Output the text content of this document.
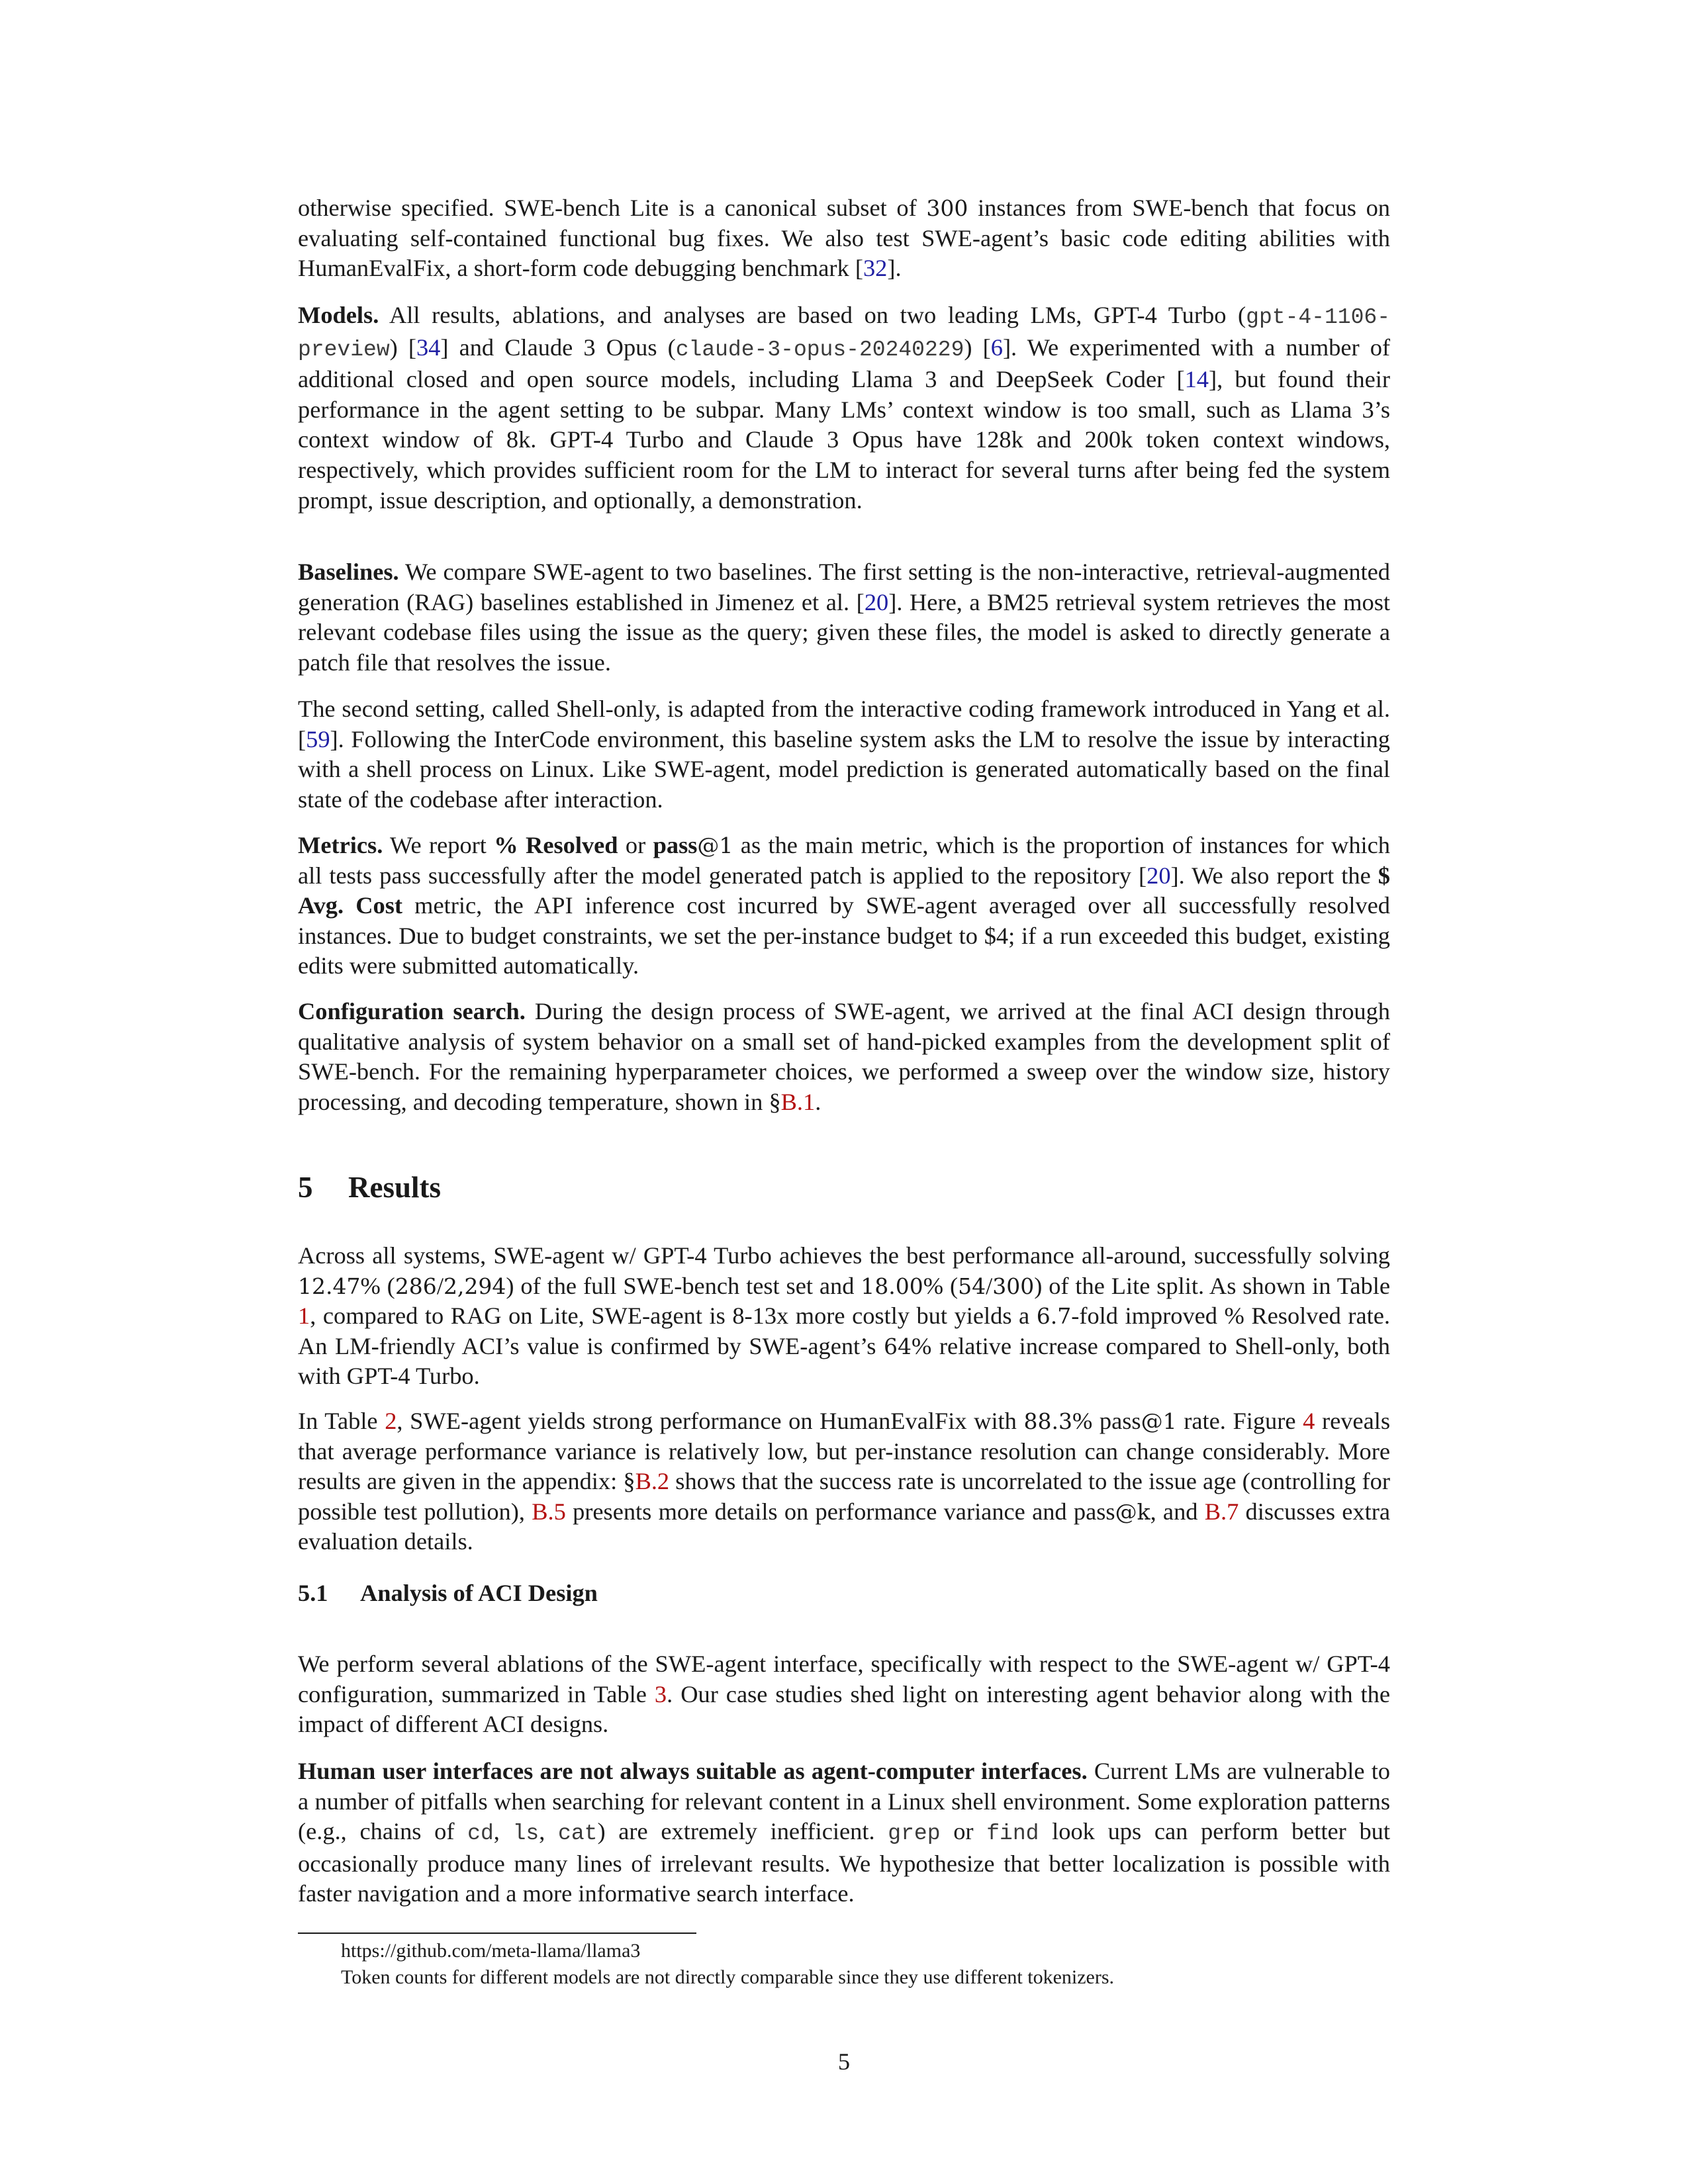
otherwise specified. SWE-bench Lite is a canonical subset of 300 instances from SWE-bench that focus on evaluating self-contained functional bug fixes. We also test SWE-agent’s basic code editing abilities with HumanEvalFix, a short-form code debugging benchmark [32].

Models. All results, ablations, and analyses are based on two leading LMs, GPT-4 Turbo (gpt-4-1106-preview) [34] and Claude 3 Opus (claude-3-opus-20240229) [6]. We experimented with a number of additional closed and open source models, including Llama 3 and DeepSeek Coder [14], but found their performance in the agent setting to be subpar. Many LMs’ context window is too small, such as Llama 3’s context window of 8k. GPT-4 Turbo and Claude 3 Opus have 128k and 200k token context windows, respectively, which provides sufficient room for the LM to interact for several turns after being fed the system prompt, issue description, and optionally, a demonstration.

Baselines. We compare SWE-agent to two baselines. The first setting is the non-interactive, retrieval-augmented generation (RAG) baselines established in Jimenez et al. [20]. Here, a BM25 retrieval system retrieves the most relevant codebase files using the issue as the query; given these files, the model is asked to directly generate a patch file that resolves the issue.

The second setting, called Shell-only, is adapted from the interactive coding framework introduced in Yang et al. [59]. Following the InterCode environment, this baseline system asks the LM to resolve the issue by interacting with a shell process on Linux. Like SWE-agent, model prediction is generated automatically based on the final state of the codebase after interaction.

Metrics. We report % Resolved or pass@1 as the main metric, which is the proportion of instances for which all tests pass successfully after the model generated patch is applied to the repository [20]. We also report the $ Avg. Cost metric, the API inference cost incurred by SWE-agent averaged over all successfully resolved instances. Due to budget constraints, we set the per-instance budget to $4; if a run exceeded this budget, existing edits were submitted automatically.

Configuration search. During the design process of SWE-agent, we arrived at the final ACI design through qualitative analysis of system behavior on a small set of hand-picked examples from the development split of SWE-bench. For the remaining hyperparameter choices, we performed a sweep over the window size, history processing, and decoding temperature, shown in §B.1.

5 Results

Across all systems, SWE-agent w/ GPT-4 Turbo achieves the best performance all-around, successfully solving 12.47% (286/2,294) of the full SWE-bench test set and 18.00% (54/300) of the Lite split. As shown in Table 1, compared to RAG on Lite, SWE-agent is 8-13x more costly but yields a 6.7-fold improved % Resolved rate. An LM-friendly ACI’s value is confirmed by SWE-agent’s 64% relative increase compared to Shell-only, both with GPT-4 Turbo.

In Table 2, SWE-agent yields strong performance on HumanEvalFix with 88.3% pass@1 rate. Figure 4 reveals that average performance variance is relatively low, but per-instance resolution can change considerably. More results are given in the appendix: §B.2 shows that the success rate is uncorrelated to the issue age (controlling for possible test pollution), B.5 presents more details on performance variance and pass@k, and B.7 discusses extra evaluation details.

5.1 Analysis of ACI Design

We perform several ablations of the SWE-agent interface, specifically with respect to the SWE-agent w/ GPT-4 configuration, summarized in Table 3. Our case studies shed light on interesting agent behavior along with the impact of different ACI designs.

Human user interfaces are not always suitable as agent-computer interfaces. Current LMs are vulnerable to a number of pitfalls when searching for relevant content in a Linux shell environment. Some exploration patterns (e.g., chains of cd, ls, cat) are extremely inefficient. grep or find look ups can perform better but occasionally produce many lines of irrelevant results. We hypothesize that better localization is possible with faster navigation and a more informative search interface.

https://github.com/meta-llama/llama3
Token counts for different models are not directly comparable since they use different tokenizers.
5
